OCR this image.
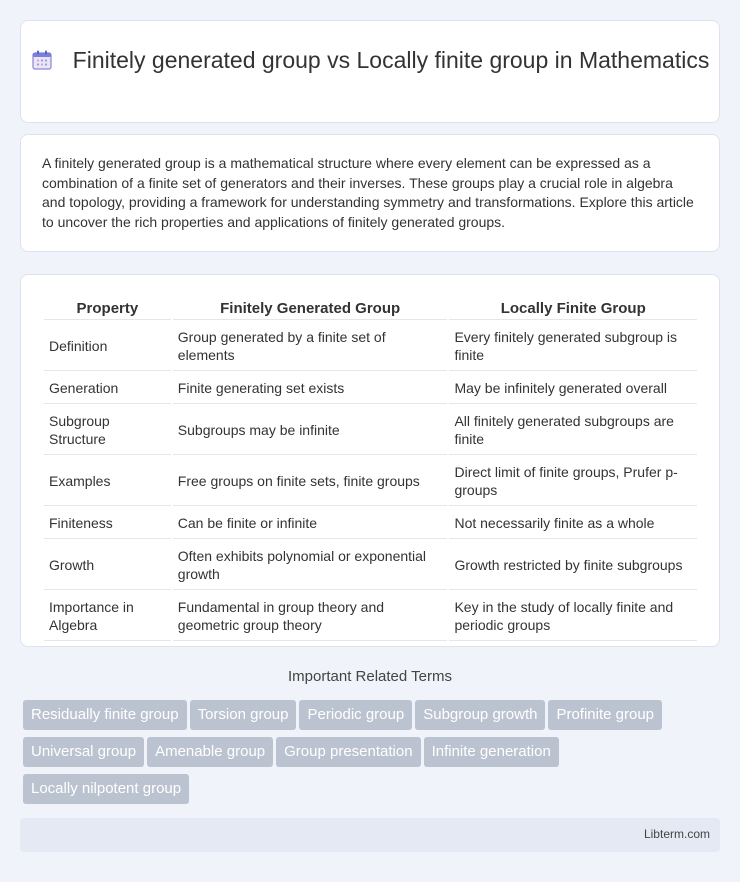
Finitely generated group vs Locally finite group in Mathematics

A finitely generated group is a mathematical structure where every element can be expressed as a combination of a finite set of generators and their inverses. These groups play a crucial role in algebra and topology, providing a framework for understanding symmetry and transformations. Explore this article to uncover the rich properties and applications of finitely generated groups.

Property	Finitely Generated Group	Locally Finite Group
Definition	Group generated by a finite set of elements	Every finitely generated subgroup is finite
Generation	Finite generating set exists	May be infinitely generated overall
Subgroup Structure	Subgroups may be infinite	All finitely generated subgroups are finite
Examples	Free groups on finite sets, finite groups	Direct limit of finite groups, Prufer p-groups
Finiteness	Can be finite or infinite	Not necessarily finite as a whole
Growth	Often exhibits polynomial or exponential growth	Growth restricted by finite subgroups
Importance in Algebra	Fundamental in group theory and geometric group theory	Key in the study of locally finite and periodic groups
Important Related Terms
Residually finite group Torsion group Periodic group Subgroup growth Profinite groupUniversal group Amenable group Group presentation Infinite generationLocally nilpotent group
Libterm.com
